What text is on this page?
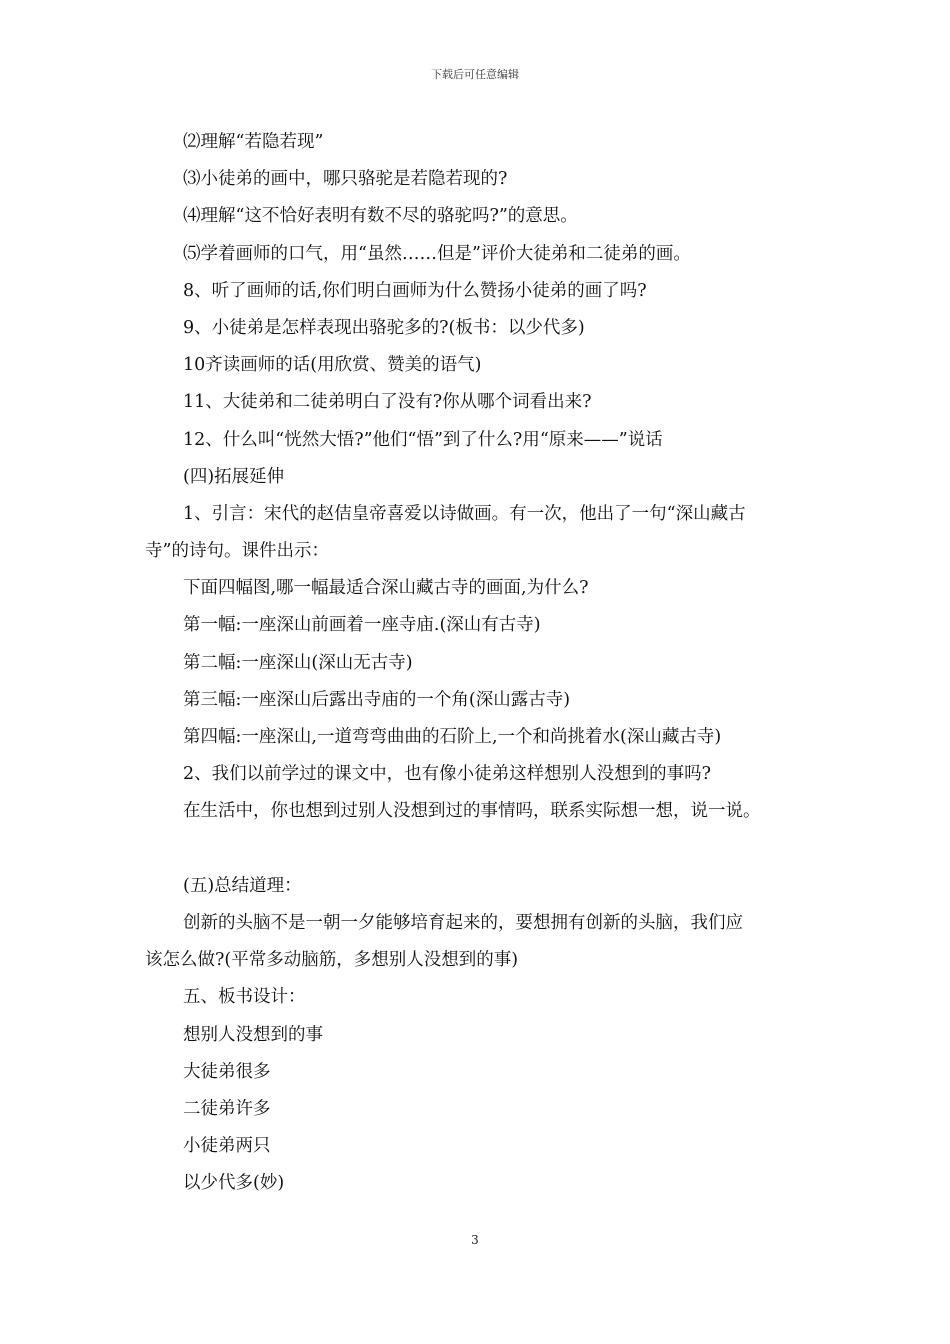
下载后可任意编辑
⑵理解“若隐若现”
⑶小徒弟的画中，哪只骆驼是若隐若现的?
⑷理解“这不恰好表明有数不尽的骆驼吗?”的意思。
⑸学着画师的口气，用“虽然……但是”评价大徒弟和二徒弟的画。
8、听了画师的话,你们明白画师为什么赞扬小徒弟的画了吗?
9、小徒弟是怎样表现出骆驼多的?(板书：以少代多)
10齐读画师的话(用欣赏、赞美的语气)
11、大徒弟和二徒弟明白了没有?你从哪个词看出来?
12、什么叫“恍然大悟?”他们“悟”到了什么?用“原来——”说话
(四)拓展延伸
1、引言：宋代的赵佶皇帝喜爱以诗做画。有一次，他出了一句“深山藏古
寺”的诗句。课件出示：
下面四幅图,哪一幅最适合深山藏古寺的画面,为什么?
第一幅:一座深山前画着一座寺庙.(深山有古寺)
第二幅:一座深山(深山无古寺)
第三幅:一座深山后露出寺庙的一个角(深山露古寺)
第四幅:一座深山,一道弯弯曲曲的石阶上,一个和尚挑着水(深山藏古寺)
2、我们以前学过的课文中，也有像小徒弟这样想别人没想到的事吗?
在生活中，你也想到过别人没想到过的事情吗，联系实际想一想，说一说。
(五)总结道理：
创新的头脑不是一朝一夕能够培育起来的，要想拥有创新的头脑，我们应
该怎么做?(平常多动脑筋，多想别人没想到的事)
五、板书设计：
想别人没想到的事
大徒弟很多
二徒弟许多
小徒弟两只
以少代多(妙)
3
